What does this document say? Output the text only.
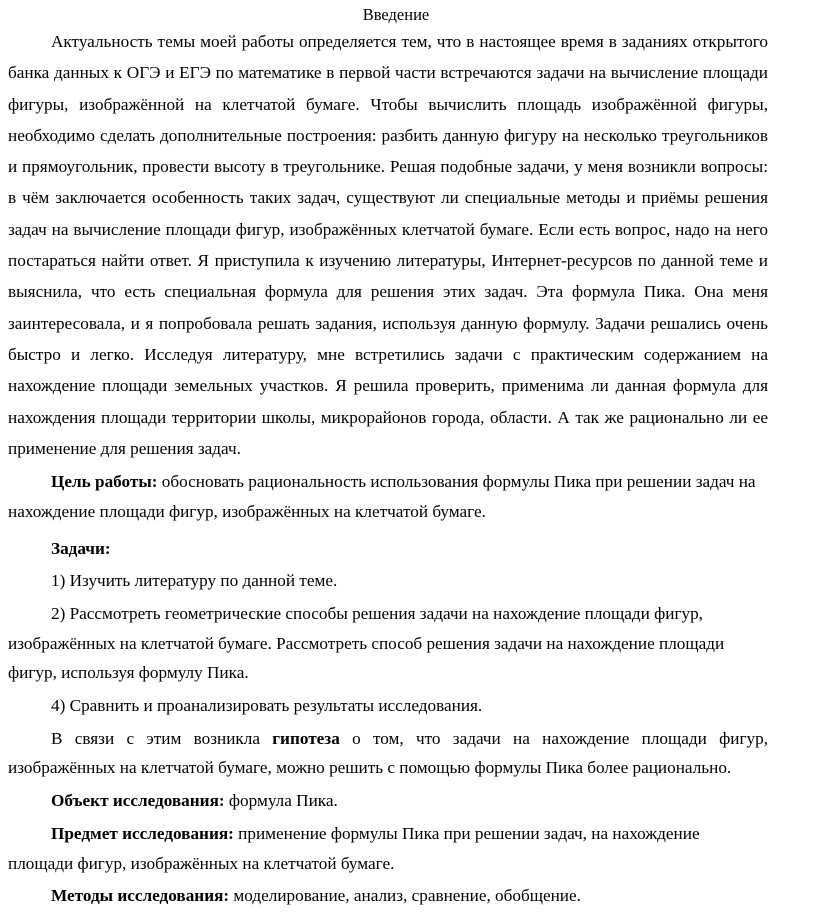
Введение

Актуальность темы моей работы определяется тем, что в настоящее время в заданиях открытого банка данных к ОГЭ и ЕГЭ по математике в первой части встречаются задачи на вычисление площади фигуры, изображённой на клетчатой бумаге. Чтобы вычислить площадь изображённой фигуры, необходимо сделать дополнительные построения: разбить данную фигуру на несколько треугольников и прямоугольник, провести высоту в треугольнике. Решая подобные задачи, у меня возникли вопросы: в чём заключается особенность таких задач, существуют ли специальные методы и приёмы решения задач на вычисление площади фигур, изображённых клетчатой бумаге. Если есть вопрос, надо на него постараться найти ответ. Я приступила к изучению литературы, Интернет-ресурсов по данной теме и выяснила, что есть специальная формула для решения этих задач. Эта формула Пика. Она меня заинтересовала, и я попробовала решать задания, используя данную формулу. Задачи решались очень быстро и легко. Исследуя литературу, мне встретились задачи с практическим содержанием на нахождение площади земельных участков. Я решила проверить, применима ли данная формула для нахождения площади территории школы, микрорайонов города, области. А так же рационально ли ее применение для решения задач.

Цель работы: обосновать рациональность использования формулы Пика при решении задач на нахождение площади фигур, изображённых на клетчатой бумаге.

Задачи:

1) Изучить литературу по данной теме.

2) Рассмотреть геометрические способы решения задачи на нахождение площади фигур, изображённых на клетчатой бумаге. Рассмотреть способ решения задачи на нахождение площади фигур, используя формулу Пика.

4) Сравнить и проанализировать результаты исследования.

В связи с этим возникла гипотеза о том, что задачи на нахождение площади фигур, изображённых на клетчатой бумаге, можно решить с помощью формулы Пика более рационально.

Объект исследования: формула Пика.

Предмет исследования: применение формулы Пика при решении задач, на нахождение площади фигур, изображённых на клетчатой бумаге.

Методы исследования: моделирование, анализ, сравнение, обобщение.
